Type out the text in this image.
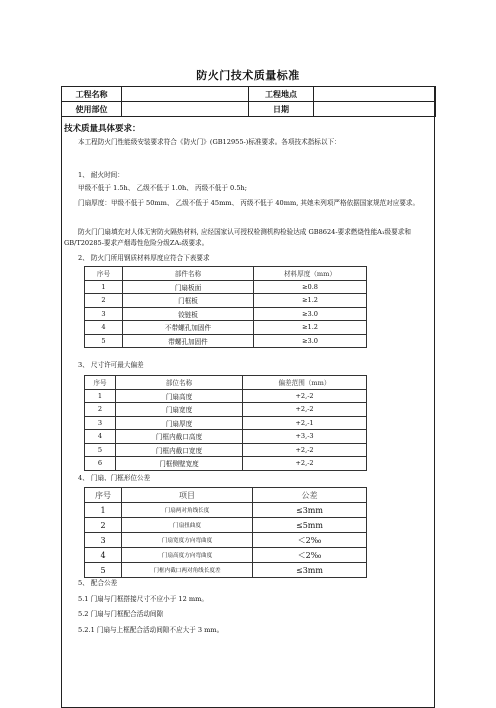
防火门技术质量标准
工程名称		工程地点	
使用部位		日期	
技术质量具体要求：
本工程防火门性能级安装要求符合《防火门》(GB12955-)标准要求。各项技术指标以下：
1、 耐火时间：
甲级不低于 1.5h、 乙级不低于 1.0h、 丙级不低于 0.5h;
门扇厚度：甲级不低于 50mm、 乙级不低于 45mm、 丙级不低于 40mm, 其她未列项严格依据国家规范对应要求。
防火门门扇填充对人体无害防火隔热材料, 应经国家认可授权检测机构检验达成 GB8624-要求燃烧性能A₁级要求和GB/T20285-要求产烟毒性危险分级ZA₂级要求。
2、 防火门所用钢质材料厚度应符合下表要求
序号	部件名称	材料厚度（mm）
1	门扇板面	≥0.8
2	门框板	≥1.2
3	铰链板	≥3.0
4	不带螺孔加固件	≥1.2
5	带螺孔加固件	≥3.0
3、 尺寸许可最大偏差
序号	部位名称	偏差范围（mm）
1	门扇高度	+2,-2
2	门扇宽度	+2,-2
3	门扇厚度	+2,-1
4	门框内截口高度	+3,-3
5	门框内截口宽度	+2,-2
6	门框侧壁宽度	+2,-2
4、 门扇、门框形位公差
序号	项目	公差
1	门扇两对角线长度	≤3mm
2	门扇扭曲度	≤5mm
3	门扇宽度方向弯曲度	＜2‰
4	门扇高度方向弯曲度	＜2‰
5	门框内截口两对角线长度差	≤3mm
5、 配合公差
5.1 门扇与门框搭接尺寸不应小于 12 mm。
5.2 门扇与门框配合活动间隙
5.2.1 门扇与上框配合活动间隙不应大于 3 mm。
